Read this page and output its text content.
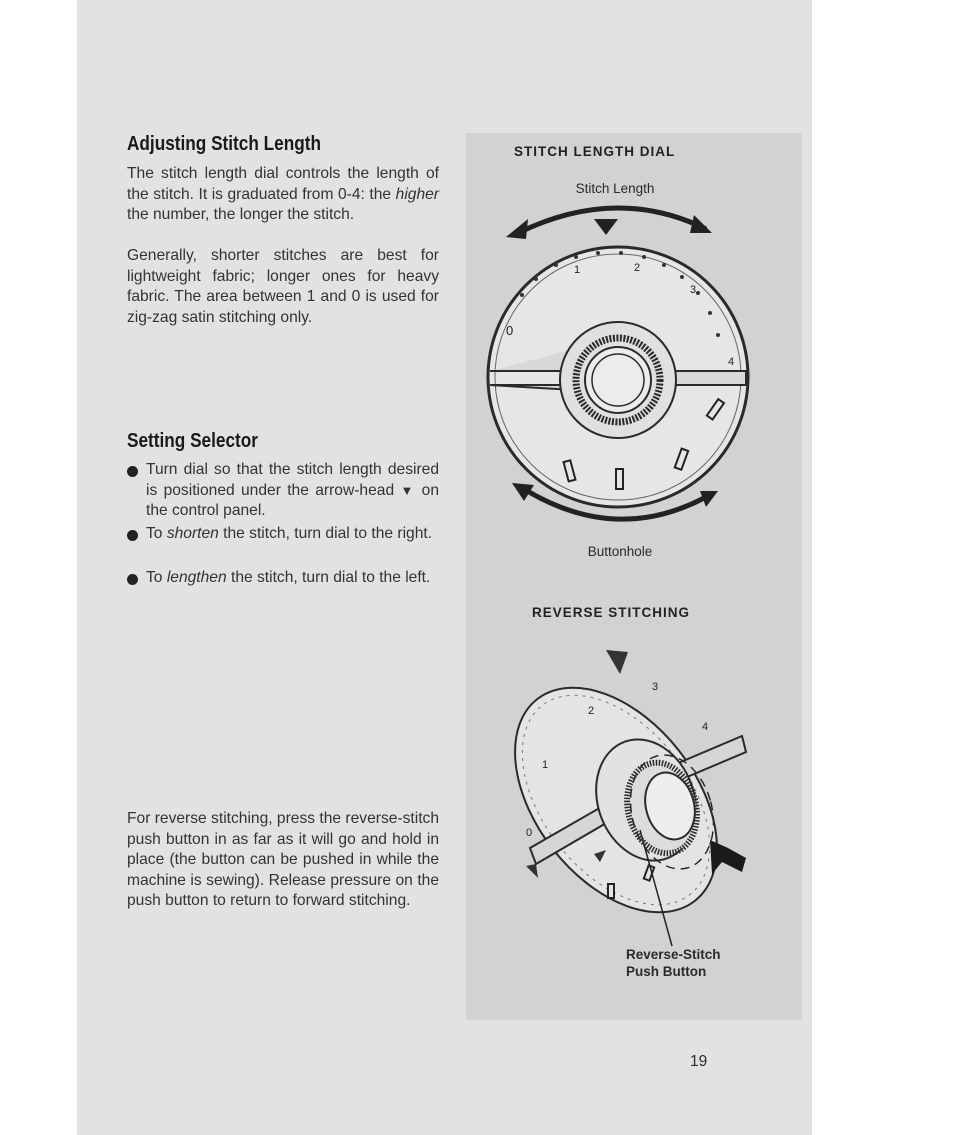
Adjusting Stitch Length

The stitch length dial controls the length of the stitch. It is graduated from 0-4: the higher the number, the longer the stitch.

Generally, shorter stitches are best for lightweight fabric; longer ones for heavy fabric. The area between 1 and 0 is used for zig-zag satin stitching only.

Setting Selector
Turn dial so that the stitch length desired is positioned under the arrow-head ▼ on the control panel.
To shorten the stitch, turn dial to the right.
To lengthen the stitch, turn dial to the left.

For reverse stitching, press the reverse-stitch push button in as far as it will go and hold in place (the button can be pushed in while the machine is sewing). Release pressure on the push button to return to forward stitching.

STITCH LENGTH DIAL
Stitch Length
Buttonhole
REVERSE STITCHING
Reverse-Stitch
Push Button
0
1	2
3
4
0
1
2
3
4
19
